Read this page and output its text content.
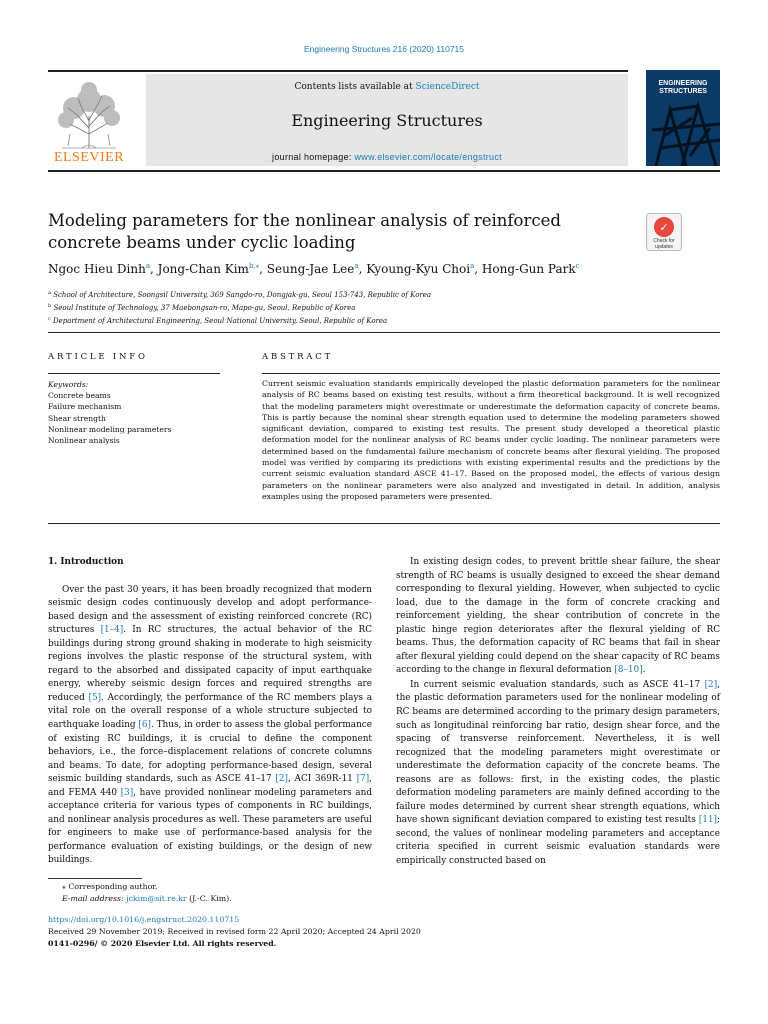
Engineering Structures 216 (2020) 110715
ELSEVIER
Contents lists available at ScienceDirect
Engineering Structures
journal homepage: www.elsevier.com/locate/engstruct
ENGINEERING STRUCTURES
Modeling parameters for the nonlinear analysis of reinforced concrete beams under cyclic loading
✓
Check for updates
Ngoc Hieu Dinh$^a$, Jong-Chan Kim$^{b,⁎}$, Seung-Jae Lee$^a$, Kyoung-Kyu Choi$^a$, Hong-Gun Park$^c$
$^a$ School of Architecture, Soongsil University, 369 Sangdo-ro, Dongjak-gu, Seoul 153-743, Republic of Korea
$^b$ Seoul Institute of Technology, 37 Maebongsan-ro, Mapo-gu, Seoul, Republic of Korea
$^c$ Department of Architectural Engineering, Seoul National University, Seoul, Republic of Korea
ARTICLE INFO	ABSTRACT
Keywords:
Concrete beams
Failure mechanism
Shear strength
Nonlinear modeling parameters
Nonlinear analysis
Current seismic evaluation standards empirically developed the plastic deformation parameters for the nonlinear analysis of RC beams based on existing test results, without a firm theoretical background. It is well recognized that the modeling parameters might overestimate or underestimate the deformation capacity of concrete beams. This is partly because the nominal shear strength equation used to determine the modeling parameters showed significant deviation, compared to existing test results. The present study developed a theoretical plastic deformation model for the nonlinear analysis of RC beams under cyclic loading. The nonlinear parameters were determined based on the fundamental failure mechanism of concrete beams after flexural yielding. The proposed model was verified by comparing its predictions with existing experimental results and the predictions by the current seismic evaluation standard ASCE 41–17. Based on the proposed model, the effects of various design parameters on the nonlinear parameters were also analyzed and investigated in detail. In addition, analysis examples using the proposed parameters were presented.
1. Introduction

Over the past 30 years, it has been broadly recognized that modern seismic design codes continuously develop and adopt performance-based design and the assessment of existing reinforced concrete (RC) structures [1–4]. In RC structures, the actual behavior of the RC buildings during strong ground shaking in moderate to high seismicity regions involves the plastic response of the structural system, with regard to the absorbed and dissipated capacity of input earthquake energy, whereby seismic design forces and required strengths are reduced [5]. Accordingly, the performance of the RC members plays a vital role on the overall response of a whole structure subjected to earthquake loading [6]. Thus, in order to assess the global performance of existing RC buildings, it is crucial to define the component behaviors, i.e., the force–displacement relations of concrete columns and beams. To date, for adopting performance-based design, several seismic building standards, such as ASCE 41–17 [2], ACI 369R-11 [7], and FEMA 440 [3], have provided nonlinear modeling parameters and acceptance criteria for various types of components in RC buildings, and nonlinear analysis procedures as well. These parameters are useful for engineers to make use of performance-based analysis for the performance evaluation of existing buildings, or the design of new buildings.

In existing design codes, to prevent brittle shear failure, the shear strength of RC beams is usually designed to exceed the shear demand corresponding to flexural yielding. However, when subjected to cyclic load, due to the damage in the form of concrete cracking and reinforcement yielding, the shear contribution of concrete in the plastic hinge region deteriorates after the flexural yielding of RC beams. Thus, the deformation capacity of RC beams that fail in shear after flexural yielding could depend on the shear capacity of RC beams according to the change in flexural deformation [8–10].

In current seismic evaluation standards, such as ASCE 41–17 [2], the plastic deformation parameters used for the nonlinear modeling of RC beams are determined according to the primary design parameters, such as longitudinal reinforcing bar ratio, design shear force, and the spacing of transverse reinforcement. Nevertheless, it is well recognized that the modeling parameters might overestimate or underestimate the deformation capacity of the concrete beams. The reasons are as follows: first, in the existing codes, the plastic deformation modeling parameters are mainly defined according to the failure modes determined by current shear strength equations, which have shown significant deviation compared to existing test results [11]; second, the values of nonlinear modeling parameters and acceptance criteria specified in current seismic evaluation standards were empirically constructed based on

⁎ Corresponding author.
E-mail address: jckim@sit.re.kr (J.-C. Kim).
https://doi.org/10.1016/j.engstruct.2020.110715
Received 29 November 2019; Received in revised form 22 April 2020; Accepted 24 April 2020
0141-0296/ © 2020 Elsevier Ltd. All rights reserved.
